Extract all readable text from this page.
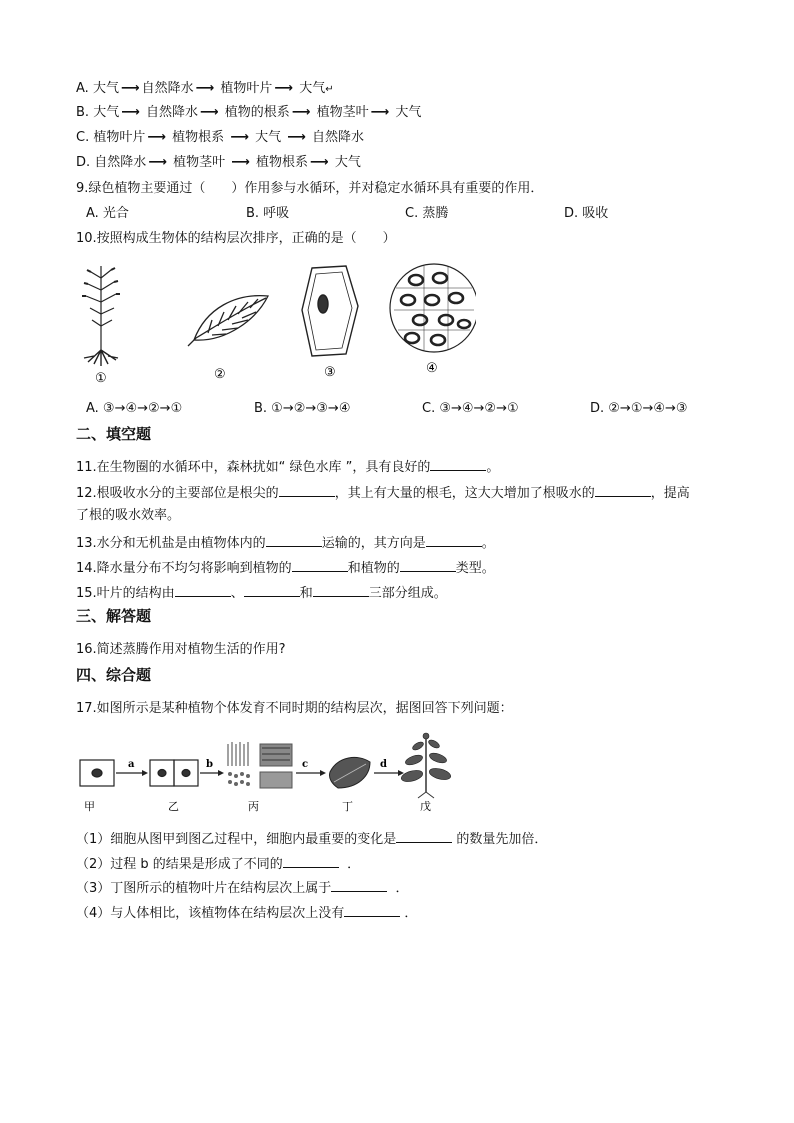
A. 大气 ⟶ 自然降水 ⟶ 植物叶片 ⟶ 大气↵
B. 大气 ⟶ 自然降水 ⟶ 植物的根系 ⟶ 植物茎叶 ⟶ 大气
C. 植物叶片 ⟶ 植物根系 ⟶ 大气 ⟶ 自然降水
D. 自然降水 ⟶ 植物茎叶 ⟶ 植物根系 ⟶ 大气
9.绿色植物主要通过（　　）作用参与水循环，并对稳定水循环具有重要的作用．
A. 光合	B. 呼吸	C. 蒸腾	D. 吸收
10.按照构成生物体的结构层次排序，正确的是（　　）
①	②	③	④
A. ③→④→②→①	B. ①→②→③→④	C. ③→④→②→①	D. ②→①→④→③
二、填空题
11.在生物圈的水循环中，森林扰如“ 绿色水库 ”，具有良好的	。
12.根吸收水分的主要部位是根尖的	，其上有大量的根毛，这大大增加了根吸水的	，提高
了根的吸水效率。
13.水分和无机盐是由植物体内的	运输的，其方向是	。
14.降水量分布不均匀将影响到植物的	和植物的	类型。
15.叶片的结构由	、	和	三部分组成。
三、解答题
16.简述蒸腾作用对植物生活的作用?
四、综合题
17.如图所示是某种植物个体发育不同时期的结构层次，据图回答下列问题：
a	b	c	d
甲	乙	丙	丁	戊
（1）细胞从图甲到图乙过程中，细胞内最重要的变化是	的数量先加倍．
（2）过程 b 的结果是形成了不同的	．
（3）丁图所示的植物叶片在结构层次上属于	．
（4）与人体相比，该植物体在结构层次上没有	．
